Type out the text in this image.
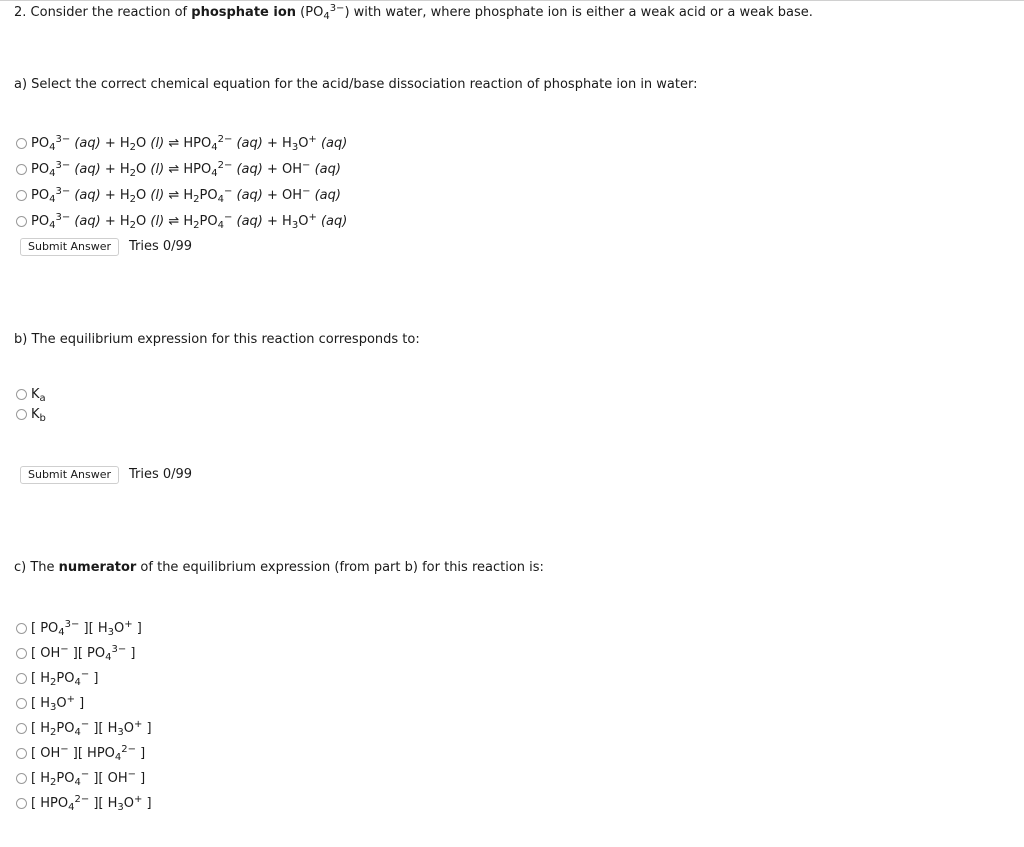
2. Consider the reaction of phosphate ion $(PO_4^{3-})$ with water, where phosphate ion is either a weak acid or a weak base.
a) Select the correct chemical equation for the acid/base dissociation reaction of phosphate ion in water:
$PO_4^{3-}$ $(aq) + H_2O$ (l) ⇌ $HPO_4^{2-}$ $(aq) + H_3O^+$ (aq)
$PO_4^{3-}$ $(aq) + H_2O$ (l) ⇌ $HPO_4^{2-}$ (aq) + OH− (aq)
$PO_4^{3-}$ $(aq) + H_2O$ (l) ⇌ $H_2PO_4^-$ (aq) + OH− (aq)
$PO_4^{3-}$ $(aq) + H_2O$ (l) ⇌ $H_2PO_4^-$ $(aq) + H_3O^+$ (aq)
Submit Answer	Tries 0/99
b) The equilibrium expression for this reaction corresponds to:
$K_a$
$K_b$
Submit Answer	Tries 0/99
c) The numerator of the equilibrium expression (from part b) for this reaction is:
[ $PO_4^{3-}$ ][ $H_3O^+$ ]
[ OH− ][ $PO_4^{3-}$ ]
[ $H_2PO_4^-$ ]
[ $H_3O^+$ ]
[ $H_2PO_4^-$ ][ $H_3O^+$ ]
[ OH− ][ $HPO_4^{2-}$ ]
[ $H_2PO_4^-$ ][ OH− ]
[ $HPO_4^{2-}$ ][ $H_3O^+$ ]
